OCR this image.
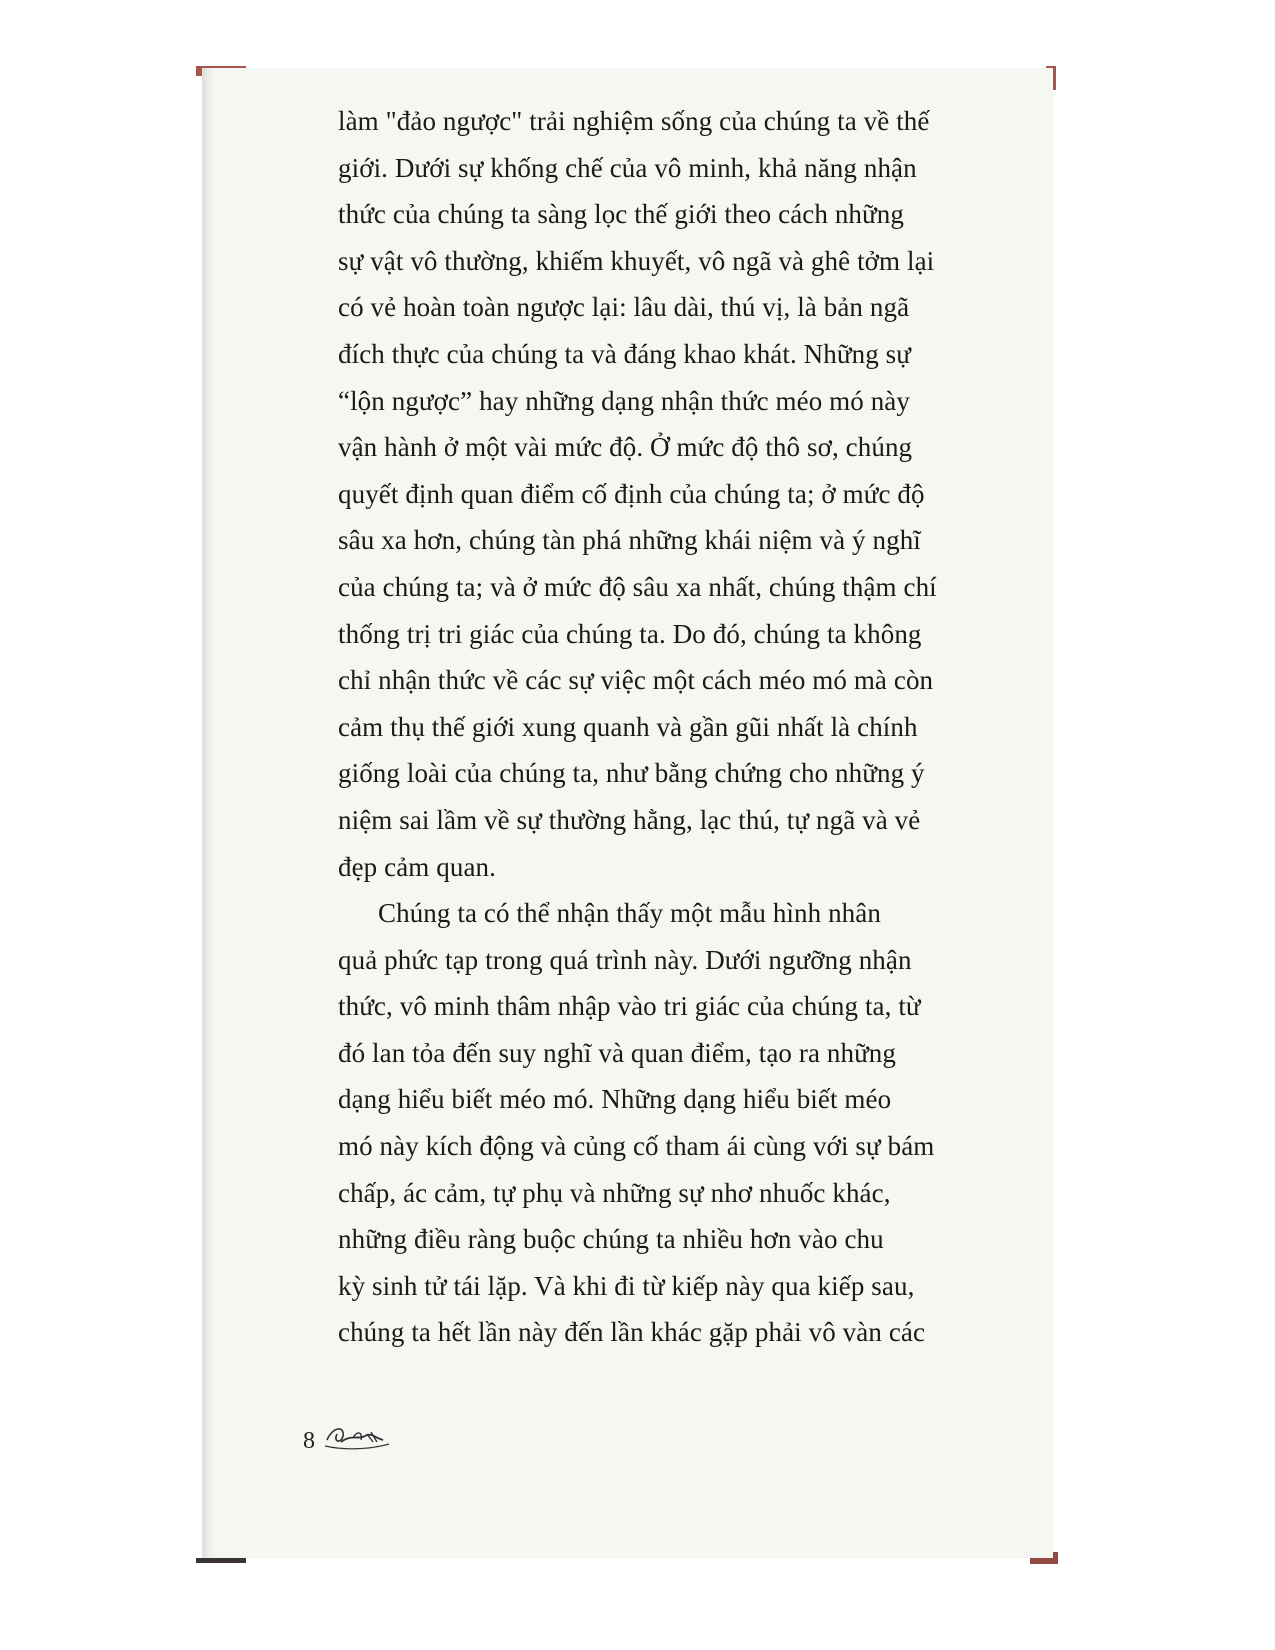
làm "đảo ngược" trải nghiệm sống của chúng ta về thế
giới. Dưới sự khống chế của vô minh, khả năng nhận
thức của chúng ta sàng lọc thế giới theo cách những
sự vật vô thường, khiếm khuyết, vô ngã và ghê tởm lại
có vẻ hoàn toàn ngược lại: lâu dài, thú vị, là bản ngã
đích thực của chúng ta và đáng khao khát. Những sự
“lộn ngược” hay những dạng nhận thức méo mó này
vận hành ở một vài mức độ. Ở mức độ thô sơ, chúng
quyết định quan điểm cố định của chúng ta; ở mức độ
sâu xa hơn, chúng tàn phá những khái niệm và ý nghĩ
của chúng ta; và ở mức độ sâu xa nhất, chúng thậm chí
thống trị tri giác của chúng ta. Do đó, chúng ta không
chỉ nhận thức về các sự việc một cách méo mó mà còn
cảm thụ thế giới xung quanh và gần gũi nhất là chính
giống loài của chúng ta, như bằng chứng cho những ý
niệm sai lầm về sự thường hằng, lạc thú, tự ngã và vẻ
đẹp cảm quan.
Chúng ta có thể nhận thấy một mẫu hình nhân
quả phức tạp trong quá trình này. Dưới ngưỡng nhận
thức, vô minh thâm nhập vào tri giác của chúng ta, từ
đó lan tỏa đến suy nghĩ và quan điểm, tạo ra những
dạng hiểu biết méo mó. Những dạng hiểu biết méo
mó này kích động và củng cố tham ái cùng với sự bám
chấp, ác cảm, tự phụ và những sự nhơ nhuốc khác,
những điều ràng buộc chúng ta nhiều hơn vào chu
kỳ sinh tử tái lặp. Và khi đi từ kiếp này qua kiếp sau,
chúng ta hết lần này đến lần khác gặp phải vô vàn các

8
